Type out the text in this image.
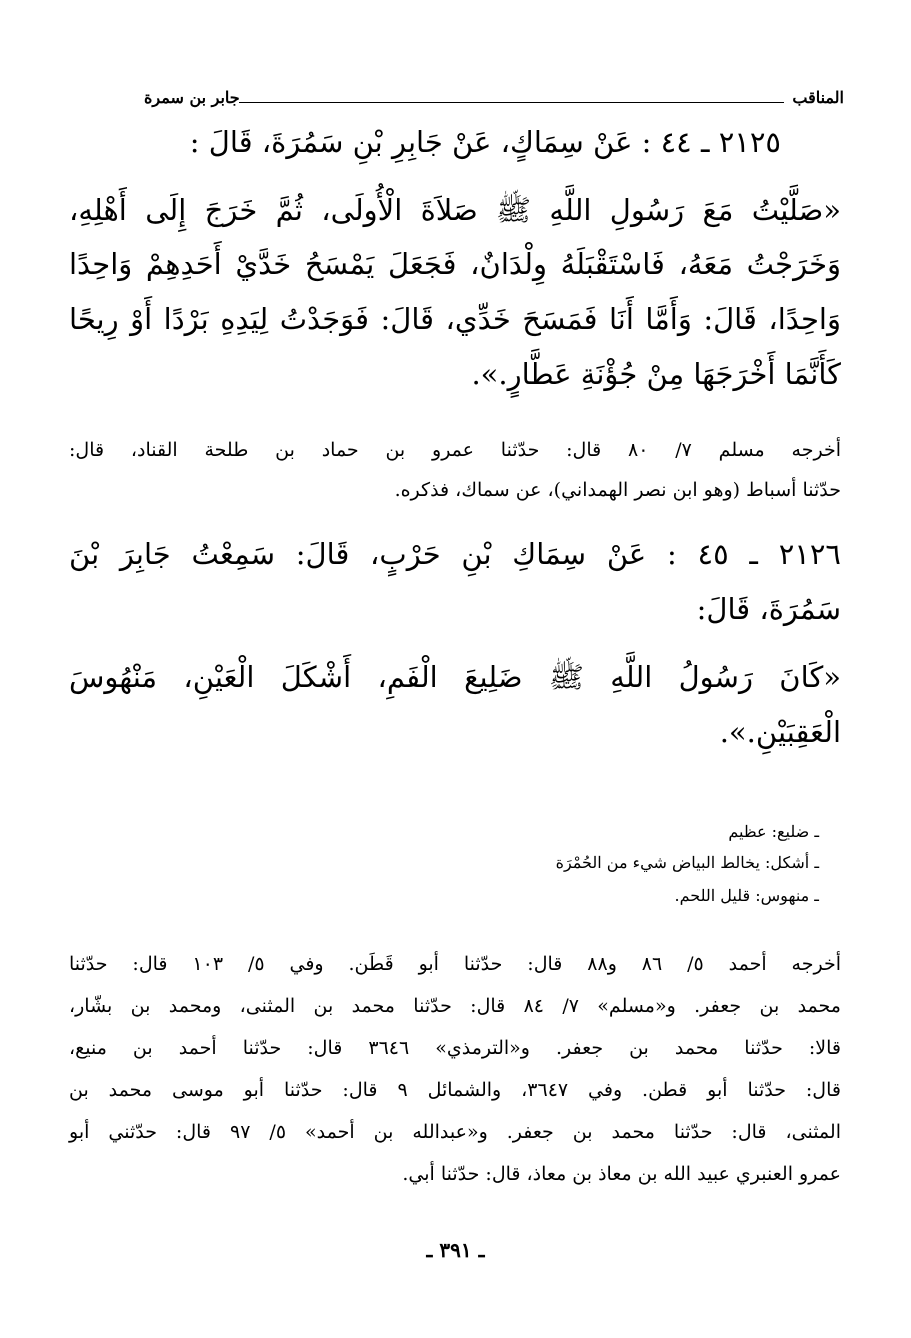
المناقب
جابر بن سمرة
٢١٢٥ ـ ٤٤ : عَنْ سِمَاكٍ، عَنْ جَابِرِ بْنِ سَمُرَةَ، قَالَ :
«صَلَّيْتُ مَعَ رَسُولِ اللَّهِ ﷺ صَلاَةَ الْأُولَى، ثُمَّ خَرَجَ إِلَى أَهْلِهِ،
وَخَرَجْتُ مَعَهُ، فَاسْتَقْبَلَهُ وِلْدَانٌ، فَجَعَلَ يَمْسَحُ خَدَّيْ أَحَدِهِمْ وَاحِدًا
وَاحِدًا، قَالَ: وَأَمَّا أَنَا فَمَسَحَ خَدِّي، قَالَ: فَوَجَدْتُ لِيَدِهِ بَرْدًا أَوْ رِيحًا
كَأَنَّمَا أَخْرَجَهَا مِنْ جُؤْنَةِ عَطَّارٍ.».
أخرجه مسلم ٧/ ٨٠ قال: حدّثنا عمرو بن حماد بن طلحة القناد، قال:
حدّثنا أسباط (وهو ابن نصر الهمداني)، عن سماك، فذكره.
٢١٢٦ ـ ٤٥ : عَنْ سِمَاكِ بْنِ حَرْبٍ، قَالَ: سَمِعْتُ جَابِرَ بْنَ
سَمُرَةَ، قَالَ:
«كَانَ رَسُولُ اللَّهِ ﷺ ضَلِيعَ الْفَمِ، أَشْكَلَ الْعَيْنِ، مَنْهُوسَ
الْعَقِبَيْنِ.».
ـ ضليع: عظيم
ـ أشكل: يخالط البياض شيء من الحُمْرَة
ـ منهوس: قليل اللحم.
أخرجه أحمد ٥/ ٨٦ و٨٨ قال: حدّثنا أبو قَطَن. وفي ٥/ ١٠٣ قال: حدّثنا
محمد بن جعفر. و«مسلم» ٧/ ٨٤ قال: حدّثنا محمد بن المثنى، ومحمد بن بشّار،
قالا: حدّثنا محمد بن جعفر. و«الترمذي» ٣٦٤٦ قال: حدّثنا أحمد بن منيع،
قال: حدّثنا أبو قطن. وفي ٣٦٤٧، والشمائل ٩ قال: حدّثنا أبو موسى محمد بن
المثنى، قال: حدّثنا محمد بن جعفر. و«عبدالله بن أحمد» ٥/ ٩٧ قال: حدّثني أبو
عمرو العنبري عبيد الله بن معاذ بن معاذ، قال: حدّثنا أبي.
ـ ٣٩١ ـ
